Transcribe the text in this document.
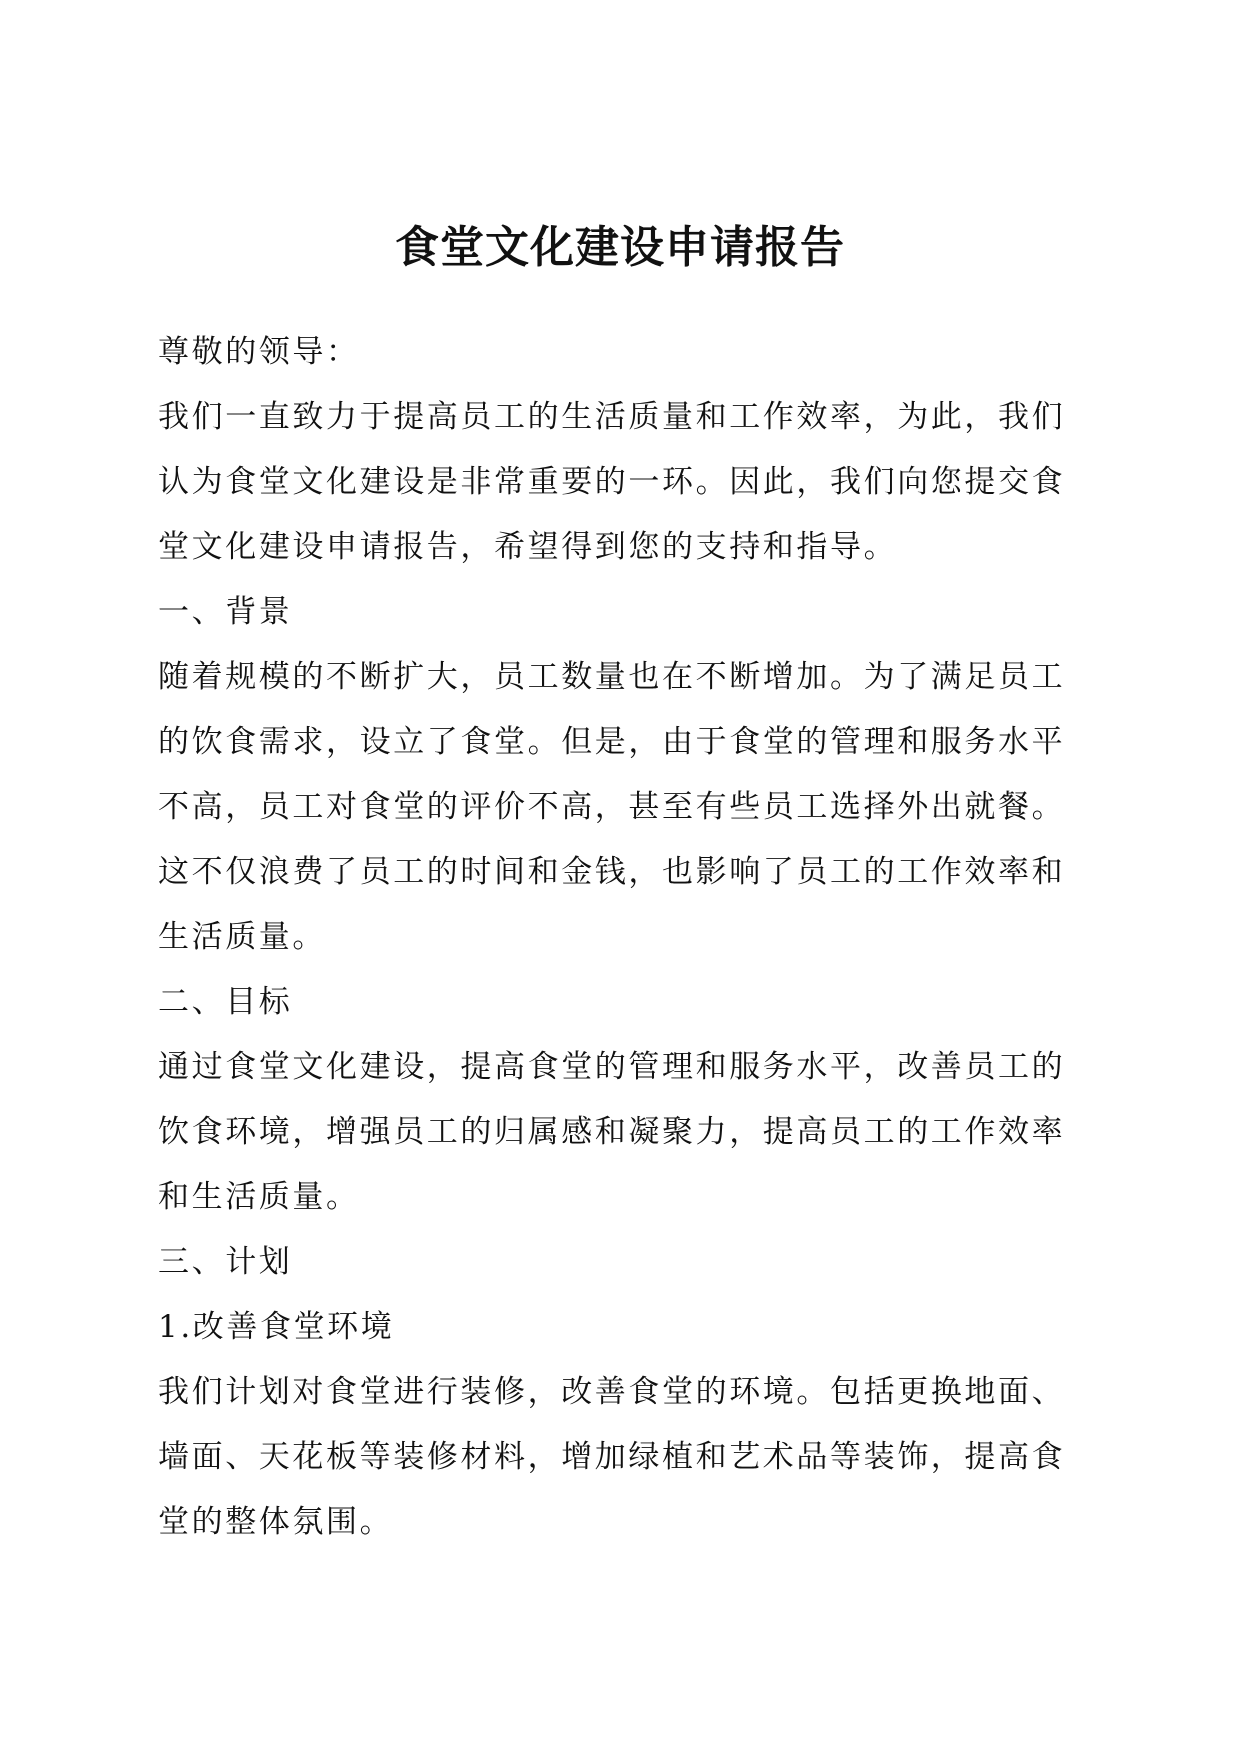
食堂文化建设申请报告
尊敬的领导：
我们一直致力于提高员工的生活质量和工作效率，为此，我们
认为食堂文化建设是非常重要的一环。因此，我们向您提交食
堂文化建设申请报告，希望得到您的支持和指导。
一、背景
随着规模的不断扩大，员工数量也在不断增加。为了满足员工
的饮食需求，设立了食堂。但是，由于食堂的管理和服务水平
不高，员工对食堂的评价不高，甚至有些员工选择外出就餐。
这不仅浪费了员工的时间和金钱，也影响了员工的工作效率和
生活质量。
二、目标
通过食堂文化建设，提高食堂的管理和服务水平，改善员工的
饮食环境，增强员工的归属感和凝聚力，提高员工的工作效率
和生活质量。
三、计划
1.改善食堂环境
我们计划对食堂进行装修，改善食堂的环境。包括更换地面、
墙面、天花板等装修材料，增加绿植和艺术品等装饰，提高食
堂的整体氛围。
